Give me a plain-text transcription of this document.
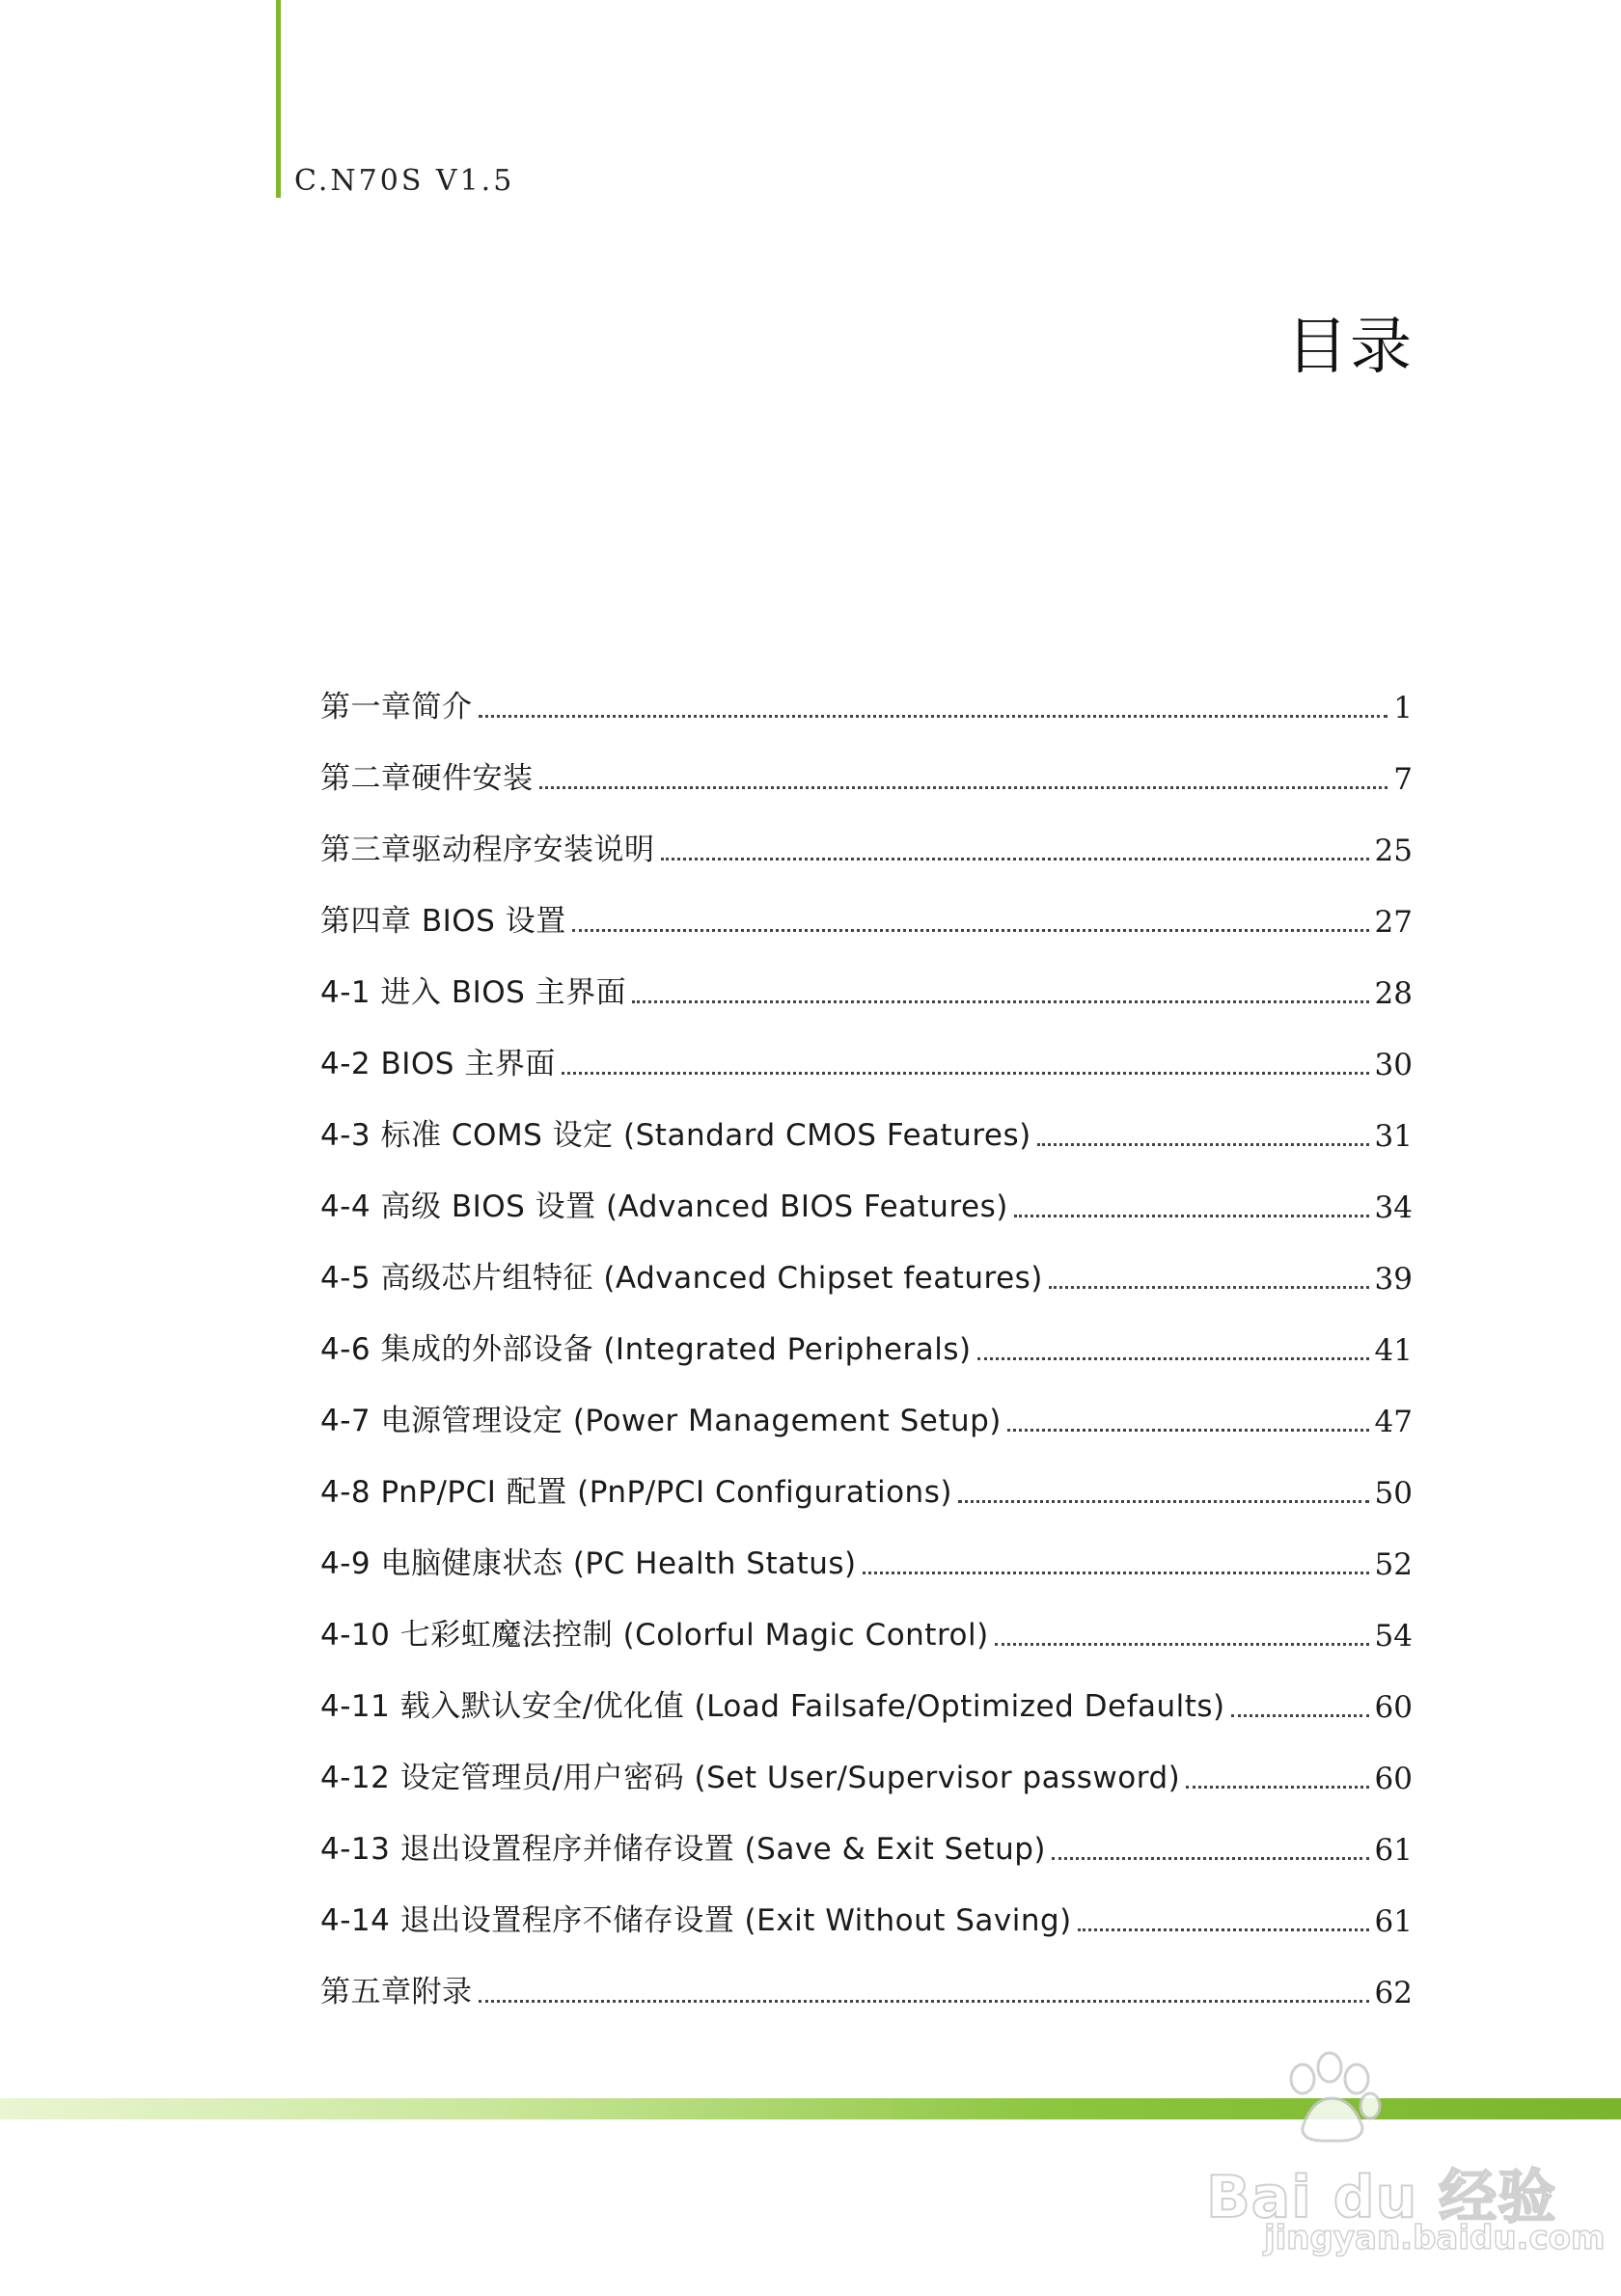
C.N70S V1.5
目录
第一章简介	1
第二章硬件安装	7
第三章驱动程序安装说明	25
第四章 BIOS 设置	27
4-1 进入 BIOS 主界面	28
4-2 BIOS 主界面	30
4-3 标准 COMS 设定 (Standard CMOS Features)	31
4-4 高级 BIOS 设置 (Advanced BIOS Features)	34
4-5 高级芯片组特征 (Advanced Chipset features)	39
4-6 集成的外部设备 (Integrated Peripherals)	41
4-7 电源管理设定 (Power Management Setup)	47
4-8 PnP/PCI 配置 (PnP/PCI Configurations)	50
4-9 电脑健康状态 (PC Health Status)	52
4-10 七彩虹魔法控制 (Colorful Magic Control)	54
4-11 载入默认安全/优化值 (Load Failsafe/Optimized Defaults)	60
4-12 设定管理员/用户密码 (Set User/Supervisor password)	60
4-13 退出设置程序并储存设置 (Save & Exit Setup)	61
4-14 退出设置程序不储存设置 (Exit Without Saving)	61
第五章附录	62
Bai du 经验
jingyan.baidu.com
